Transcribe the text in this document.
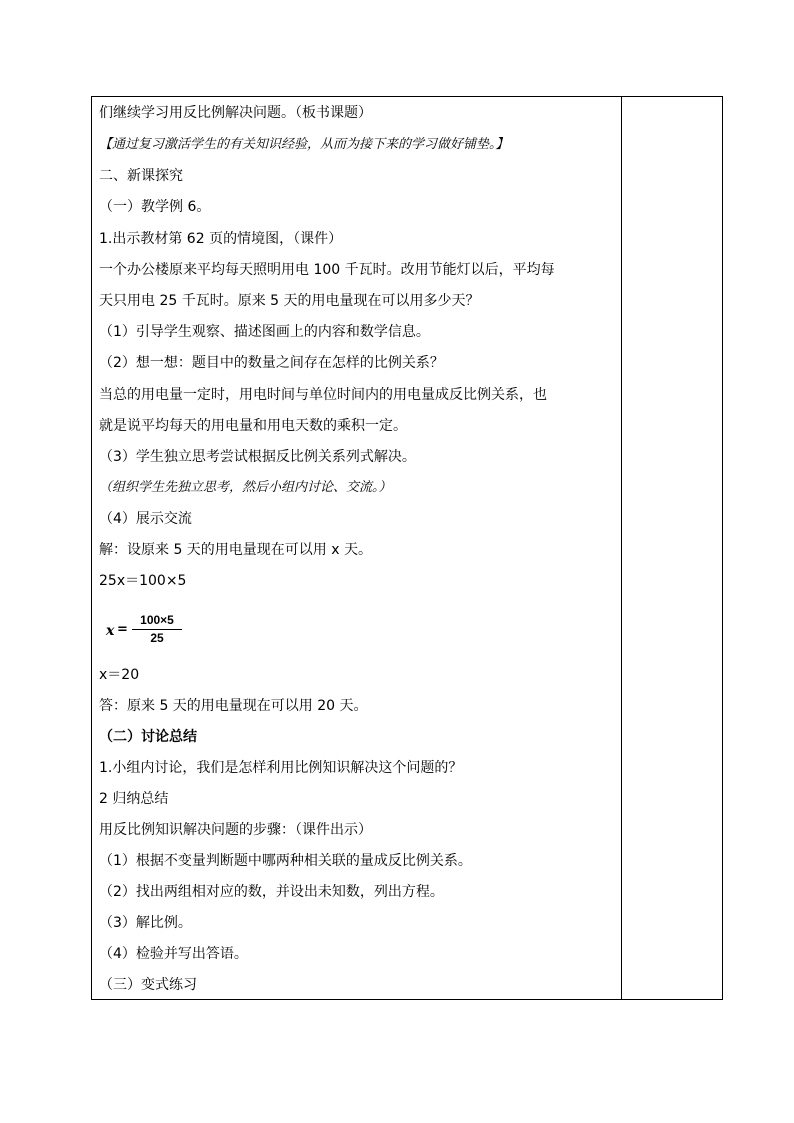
们继续学习用反比例解决问题。（板书课题）
【通过复习激活学生的有关知识经验，从而为接下来的学习做好铺垫。】
二、新课探究
（一）教学例 6。
1.出示教材第 62 页的情境图，（课件）
一个办公楼原来平均每天照明用电 100 千瓦时。改用节能灯以后，平均每
天只用电 25 千瓦时。原来 5 天的用电量现在可以用多少天？
（1）引导学生观察、描述图画上的内容和数学信息。
（2）想一想：题目中的数量之间存在怎样的比例关系？
当总的用电量一定时，用电时间与单位时间内的用电量成反比例关系，也
就是说平均每天的用电量和用电天数的乘积一定。
（3）学生独立思考尝试根据反比例关系列式解决。
（组织学生先独立思考，然后小组内讨论、交流。）
（4）展示交流
解：设原来 5 天的用电量现在可以用 x 天。
25x＝100×5
x =
100×5
25
x＝20
答：原来 5 天的用电量现在可以用 20 天。
（二）讨论总结
1.小组内讨论，我们是怎样利用比例知识解决这个问题的？
2 归纳总结
用反比例知识解决问题的步骤：（课件出示）
（1）根据不变量判断题中哪两种相关联的量成反比例关系。
（2）找出两组相对应的数，并设出未知数，列出方程。
（3）解比例。
（4）检验并写出答语。
（三）变式练习
